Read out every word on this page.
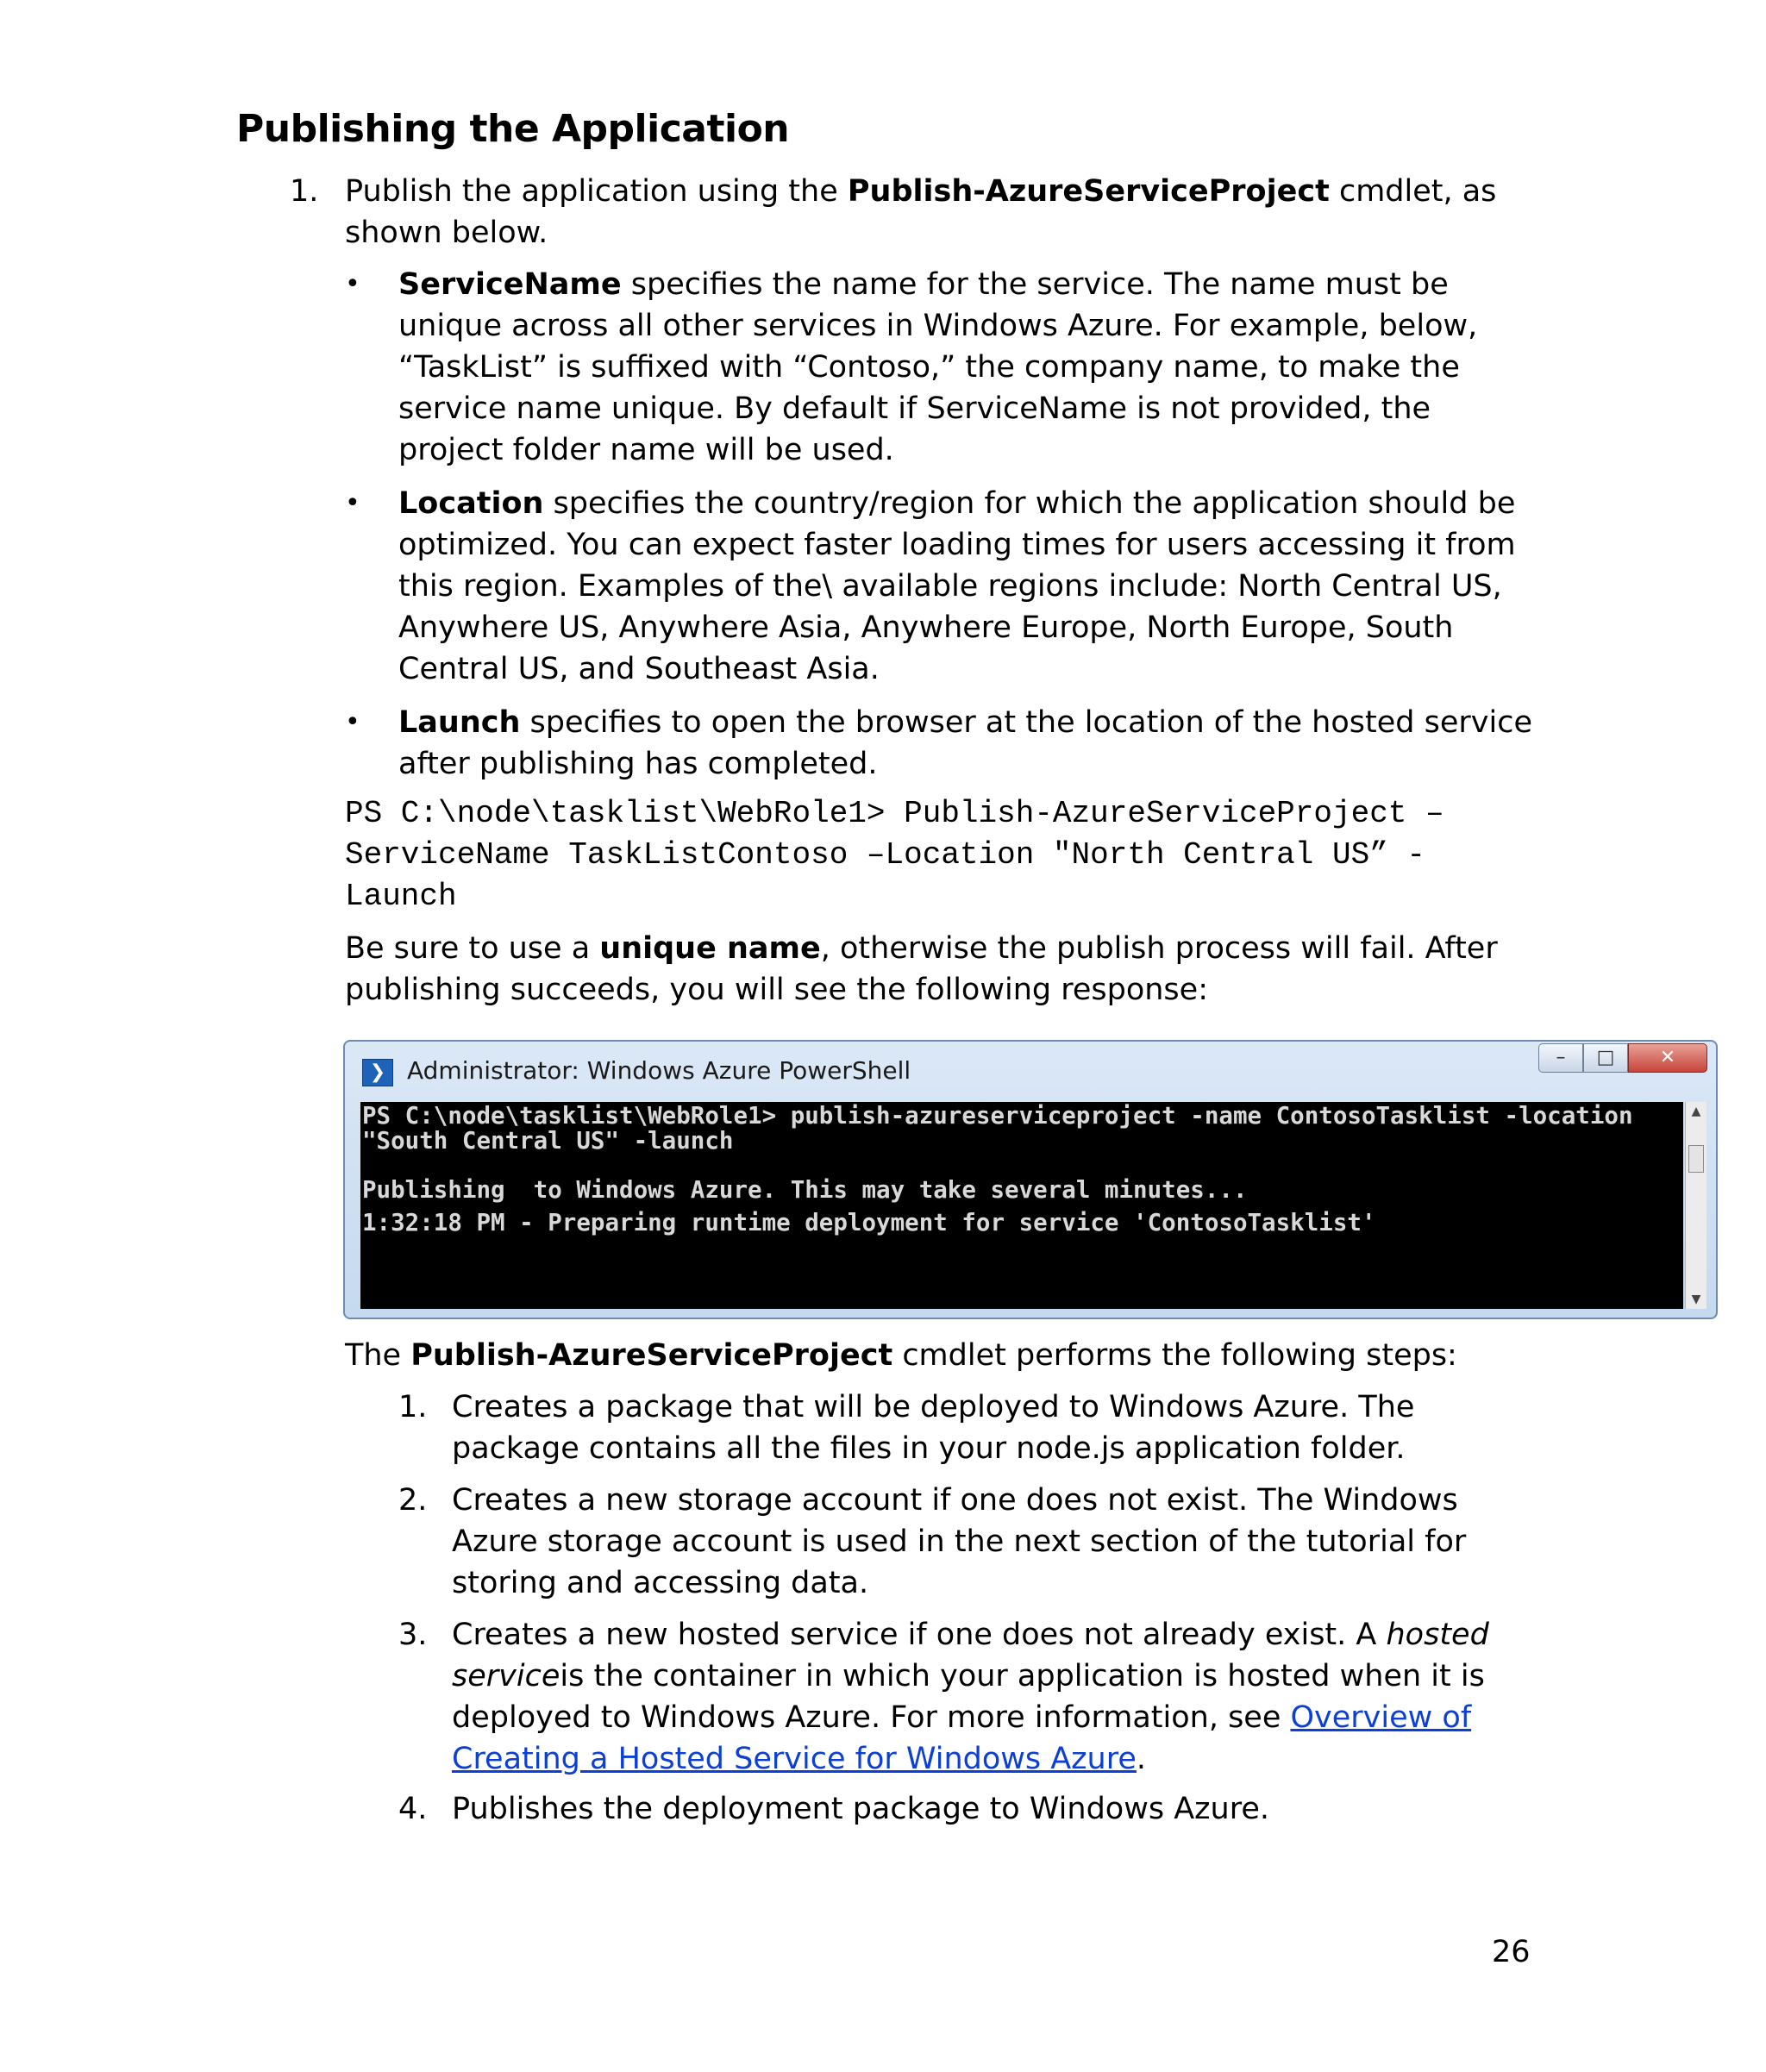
Publishing the Application
1. Publish the application using the Publish-AzureServiceProject cmdlet, as shown below.

• ServiceName specifies the name for the service. The name must be unique across all other services in Windows Azure. For example, below, “TaskList” is suffixed with “Contoso,” the company name, to make the service name unique. By default if ServiceName is not provided, the project folder name will be used.

• Location specifies the country/region for which the application should be optimized. You can expect faster loading times for users accessing it from this region. Examples of the\ available regions include: North Central US, Anywhere US, Anywhere Asia, Anywhere Europe, North Europe, South Central US, and Southeast Asia.

• Launch specifies to open the browser at the location of the hosted service after publishing has completed.

PS C:\node\tasklist\WebRole1> Publish-AzureServiceProject –ServiceName TaskListContoso –Location "North Central US” -Launch

Be sure to use a unique name, otherwise the publish process will fail. After publishing succeeds, you will see the following response:

❯ Administrator: Windows Azure PowerShell	–	□	✕
PS C:\node\tasklist\WebRole1> publish-azureserviceproject -name ContosoTasklist -location "South Central US" -launch

Publishing  to Windows Azure. This may take several minutes...

1:32:18 PM - Preparing runtime deployment for service 'ContosoTasklist'
▲
▼

The Publish-AzureServiceProject cmdlet performs the following steps:

1. Creates a package that will be deployed to Windows Azure. The package contains all the files in your node.js application folder.

2. Creates a new storage account if one does not exist. The Windows Azure storage account is used in the next section of the tutorial for storing and accessing data.

3. Creates a new hosted service if one does not already exist. A hosted serviceis the container in which your application is hosted when it is deployed to Windows Azure. For more information, see Overview of Creating a Hosted Service for Windows Azure.

4. Publishes the deployment package to Windows Azure.

26
